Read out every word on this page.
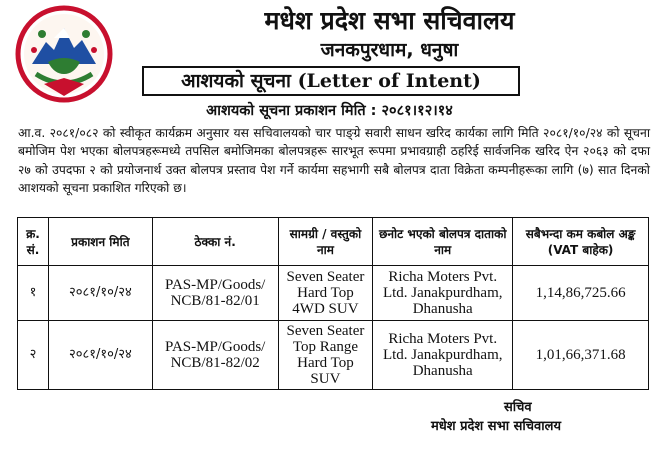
मधेश प्रदेश सभा सचिवालय
जनकपुरधाम, धनुषा
आशयको सूचना (Letter of Intent)
आशयको सूचना प्रकाशन मिति : २०८१।१२।१४

आ.व. २०८१/०८२ को स्वीकृत कार्यक्रम अनुसार यस सचिवालयको चार पाङ्ग्रे सवारी साधन खरिद कार्यका लागि मिति २०८१/१०/२४ को सूचना बमोजिम पेश भएका बोलपत्रहरूमध्ये तपसिल बमोजिमका बोलपत्रहरू सारभूत रूपमा प्रभावग्राही ठहरिई सार्वजनिक खरिद ऐन २०६३ को दफा २७ को उपदफा २ को प्रयोजनार्थ उक्त बोलपत्र प्रस्ताव पेश गर्ने कार्यमा सहभागी सबै बोलपत्र दाता विक्रेता कम्पनीहरूका लागि (७) सात दिनको आशयको सूचना प्रकाशित गरिएको छ।

क्र. सं.	प्रकाशन मिति	ठेक्का नं.	सामग्री / वस्तुको नाम	छनोट भएको बोलपत्र दाताको नाम	सबैभन्दा कम कबोल अङ्क (VAT बाहेक)
१	२०८१/१०/२४	PAS-MP/Goods/ NCB/81-82/01	Seven Seater Hard Top 4WD SUV	Richa Moters Pvt. Ltd. Janakpurdham, Dhanusha	1,14,86,725.66
२	२०८१/१०/२४	PAS-MP/Goods/ NCB/81-82/02	Seven Seater Top Range Hard Top SUV	Richa Moters Pvt. Ltd. Janakpurdham, Dhanusha	1,01,66,371.68
सचिव
मधेश प्रदेश सभा सचिवालय
